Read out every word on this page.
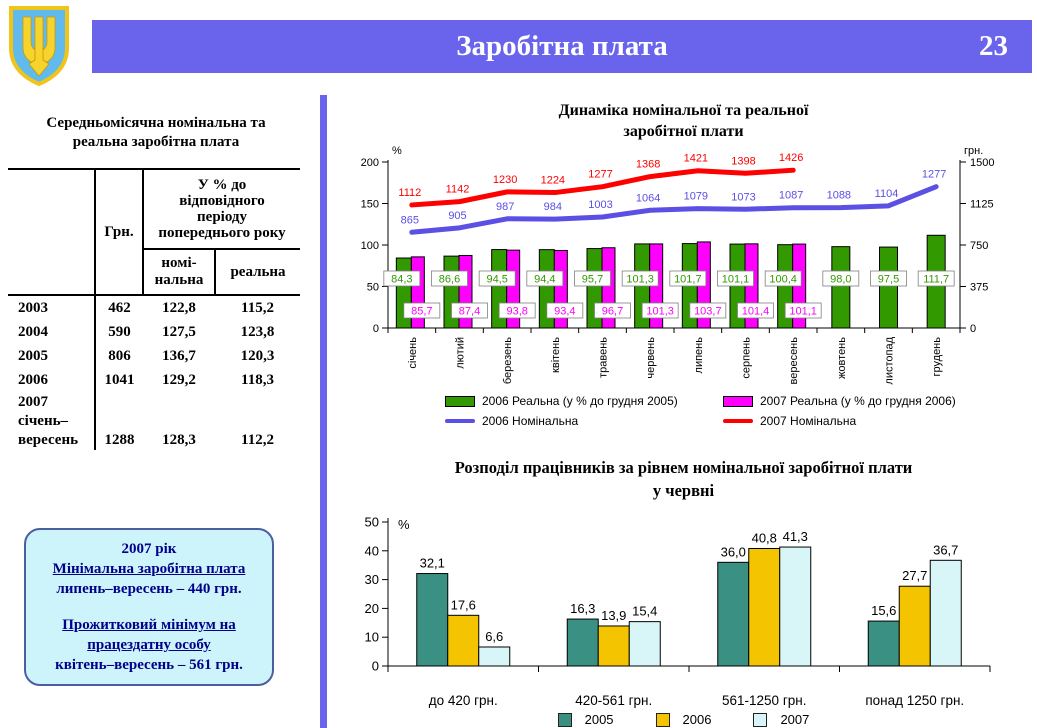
Заробітна плата	23
Середньомісячна номінальна та
реальна заробітна плата
	Грн.	У % до відповідного періоду попереднього року	
		номі-нальна	реальна
2003	462	122,8	115,2
2004	590	127,5	123,8
2005	806	136,7	120,3
2006	1041	129,2	118,3
2007 січень–вересень	1288	128,3	112,2
2007 рік
Мінімальна заробітна плата
липень–вересень – 440 грн.
Прожитковий мінімум на працездатну особу
квітень–вересень – 561 грн.
Динаміка номінальної та реальної
заробітної плати
0
50
100
150
200
0
375
750
1125
1500
%	грн.
січень
84,3
85,7
лютий
86,6
87,4
березень
94,5
93,8
квітень
94,4
93,4
травень
95,7
96,7
червень
101,3
101,3
липень
101,7
103,7
серпень
101,1
101,4
вересень
100,4
101,1
жовтень
98,0
листопад
97,5
грудень
111,7
865	905
987	984 1003
1064 1079 1073 1087 1088 1104
1277
1112 1142
1230 1224 1277
1368 1421 1398 1426
2006 Реальна (у % до грудня 2005)	2007 Реальна (у % до грудня 2006)
2006 Номінальна	2007 Номінальна
Розподіл працівників за рівнем номінальної заробітної плати
у червні
0
10
20
30
40
50 %
32,1
17,6
6,6
до 420 грн.
16,3 13,9 15,4
420-561 грн.
36,0
40,8 41,3
561-1250 грн.
15,6
27,7
36,7
понад 1250 грн.
2005	2006	2007
